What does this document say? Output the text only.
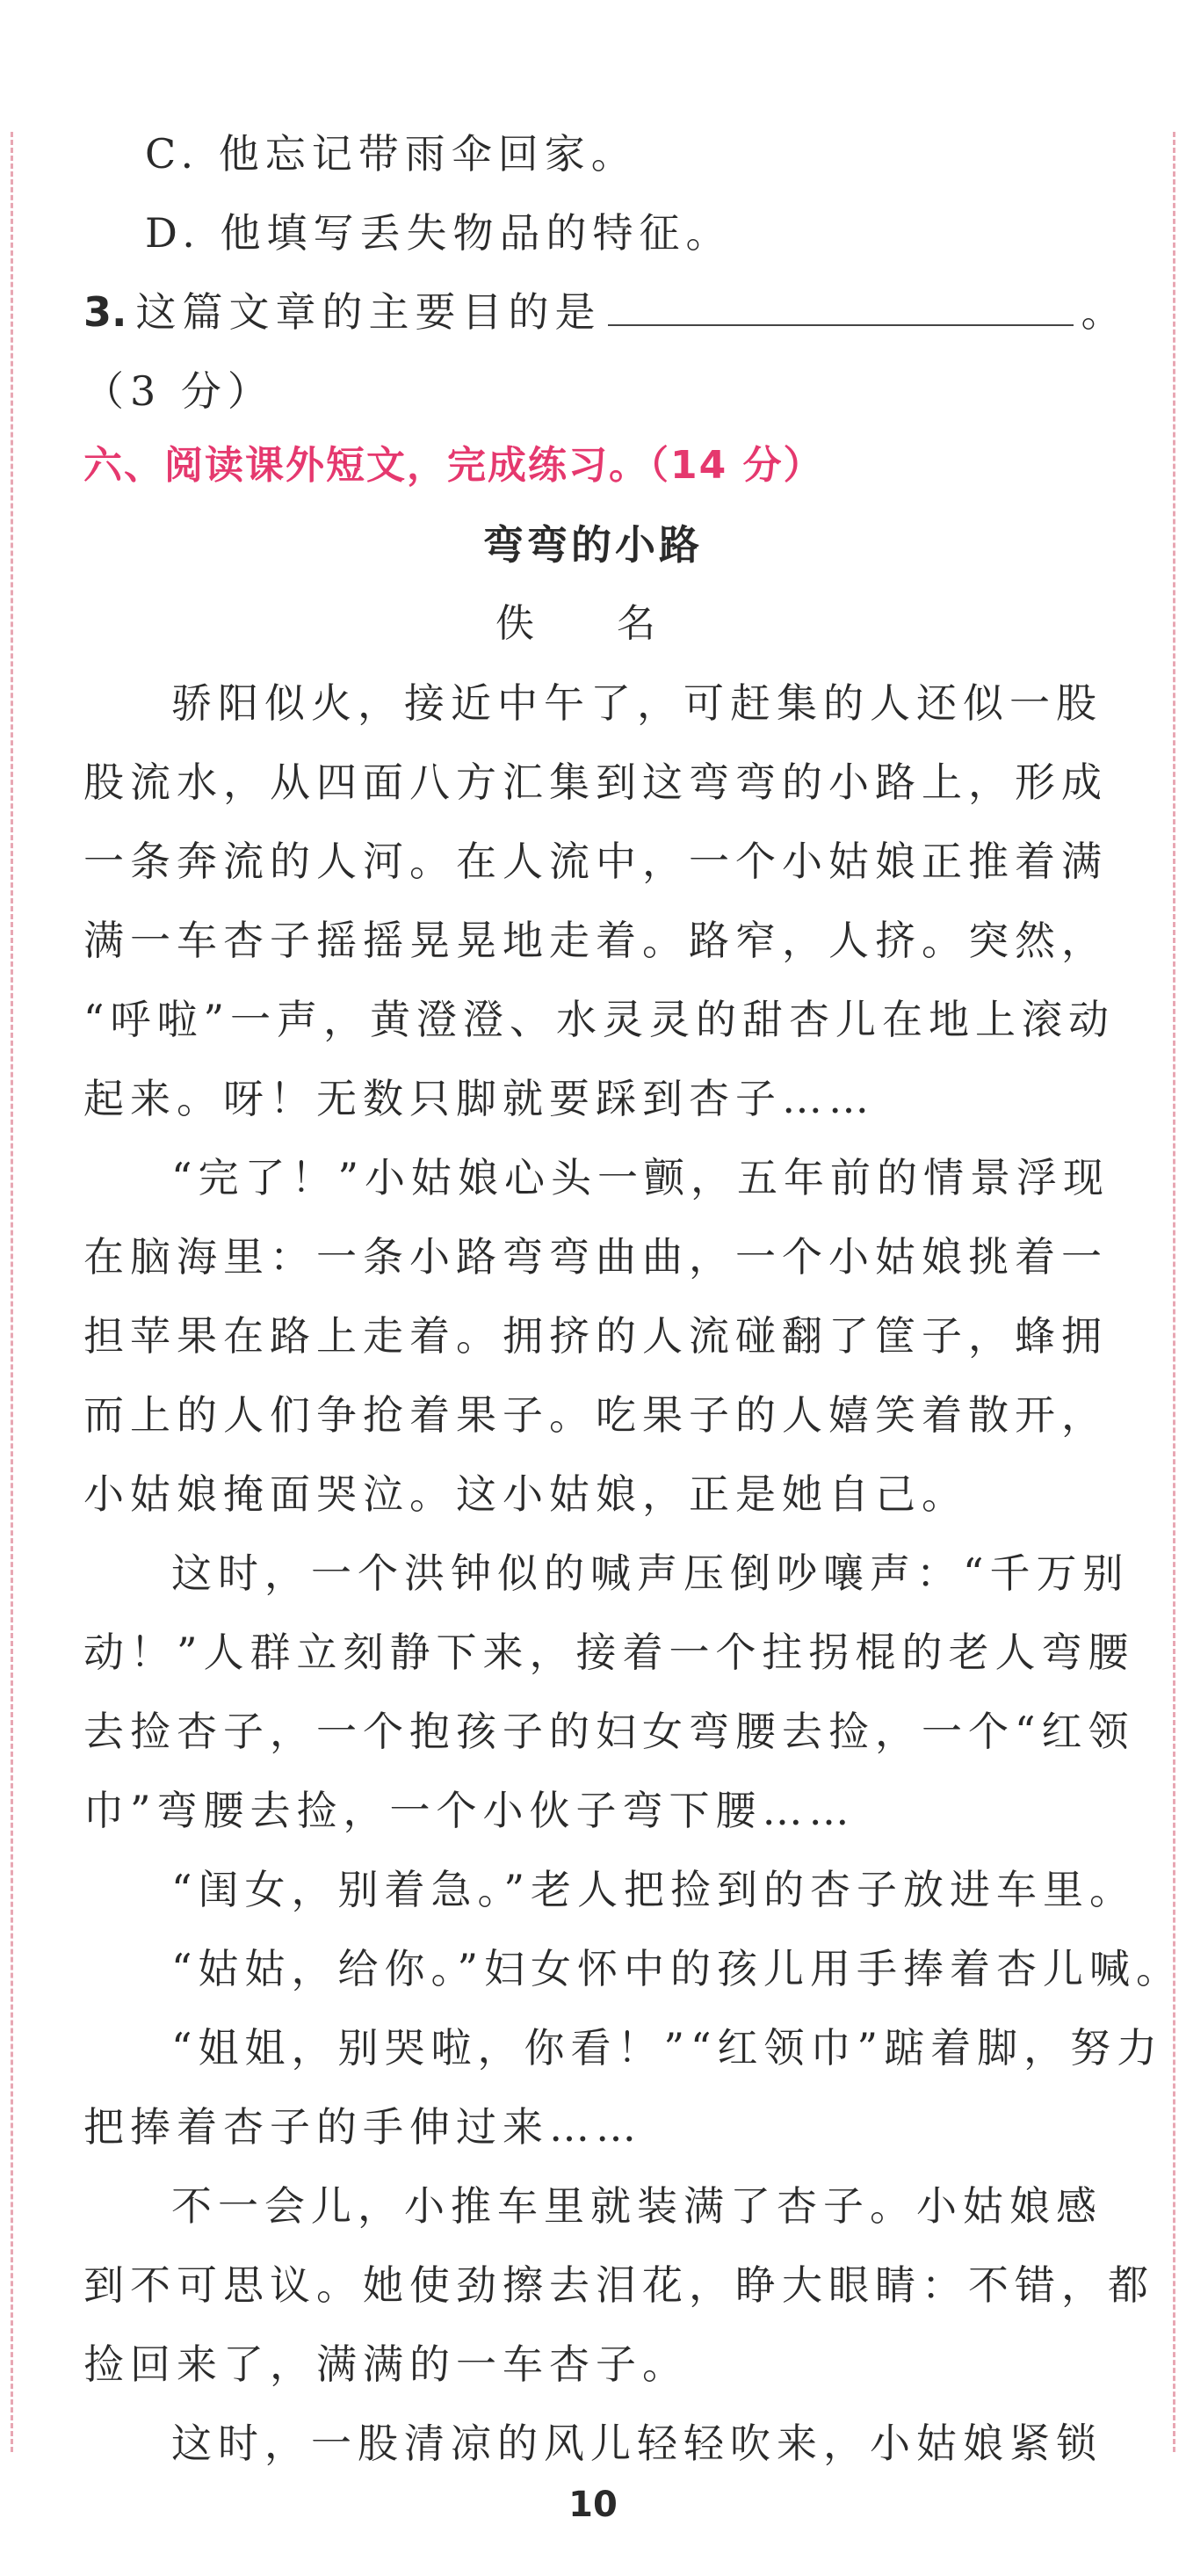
C. 他忘记带雨伞回家。
D. 他填写丢失物品的特征。
3. 这篇文章的主要目的是	。
（3 分）
六、阅读课外短文，完成练习。（14 分）
弯弯的小路
佚 名
骄阳似火，接近中午了，可赶集的人还似一股
股流水，从四面八方汇集到这弯弯的小路上，形成
一条奔流的人河。在人流中，一个小姑娘正推着满
满一车杏子摇摇晃晃地走着。路窄，人挤。突然，
“呼啦”一声，黄澄澄、水灵灵的甜杏儿在地上滚动
起来。呀！无数只脚就要踩到杏子……
“完了！”小姑娘心头一颤，五年前的情景浮现
在脑海里：一条小路弯弯曲曲，一个小姑娘挑着一
担苹果在路上走着。拥挤的人流碰翻了筐子，蜂拥
而上的人们争抢着果子。吃果子的人嬉笑着散开，
小姑娘掩面哭泣。这小姑娘，正是她自己。
这时，一个洪钟似的喊声压倒吵嚷声：“千万别
动！”人群立刻静下来，接着一个拄拐棍的老人弯腰
去捡杏子，一个抱孩子的妇女弯腰去捡，一个“红领
巾”弯腰去捡，一个小伙子弯下腰……
“闺女，别着急。”老人把捡到的杏子放进车里。
“姑姑，给你。”妇女怀中的孩儿用手捧着杏儿喊。
“姐姐，别哭啦，你看！”“红领巾”踮着脚，努力
把捧着杏子的手伸过来……
不一会儿，小推车里就装满了杏子。小姑娘感
到不可思议。她使劲擦去泪花，睁大眼睛：不错，都
捡回来了，满满的一车杏子。
这时，一股清凉的风儿轻轻吹来，小姑娘紧锁
10
